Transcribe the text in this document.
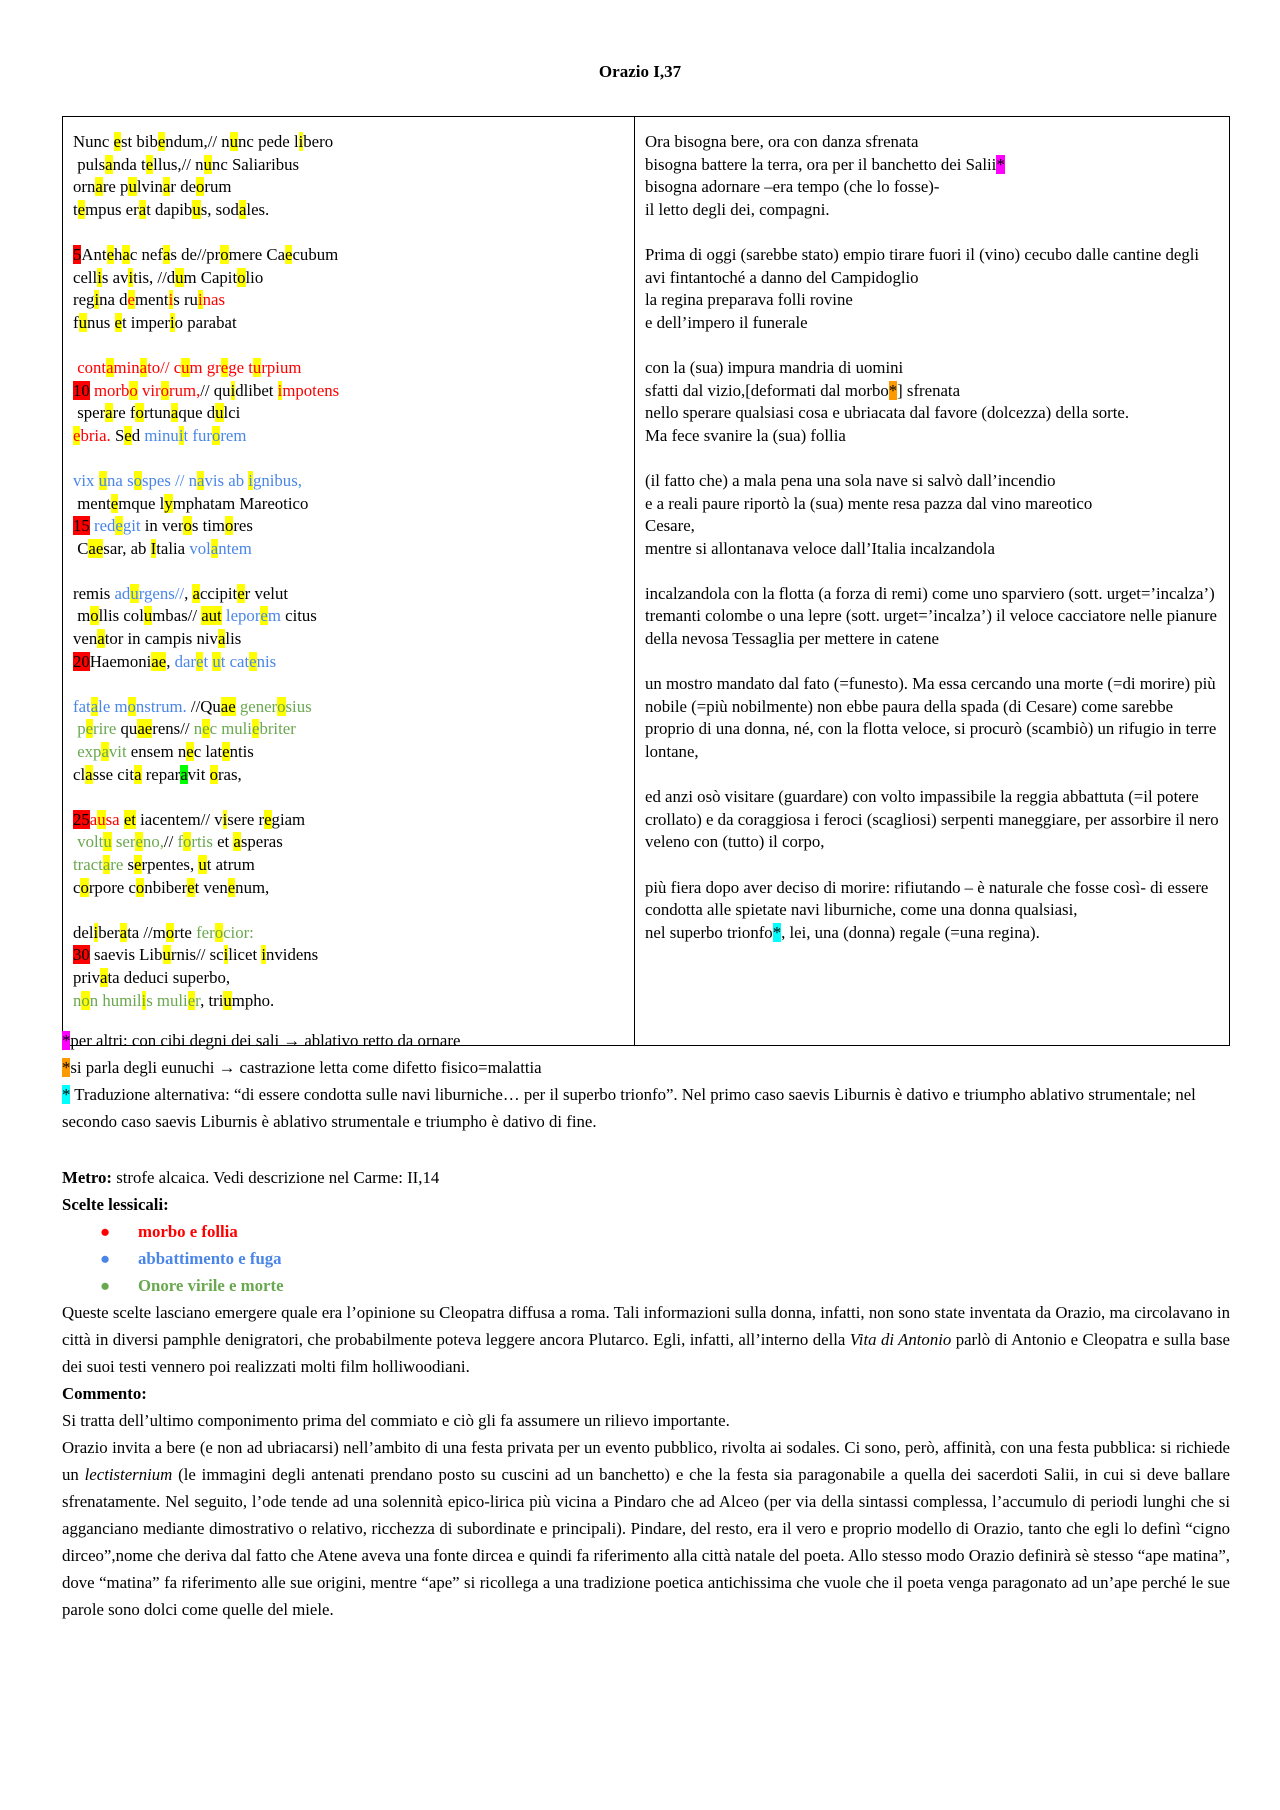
Orazio I,37
Nunc est bibendum,// nunc pede libero
pulsanda tellus,// nunc Saliaribus
ornare pulvinar deorum
tempus erat dapibus, sodales.
5Antehac nefas de//promere Caecubum
cellis avitis, //dum Capitolio
regina dementis ruinas
funus et imperio parabat
contaminato// cum grege turpium
10 morbo virorum,// quidlibet impotens
sperare fortunaque dulci
ebria. Sed minuit furorem
vix una sospes // navis ab ignibus,
mentemque lymphatam Mareotico
15 redegit in veros timores
Caesar, ab Italia volantem
remis adurgens//, accipiter velut
mollis columbas// aut leporem citus
venator in campis nivalis
20Haemoniae, daret ut catenis
fatale monstrum. //Quae generosius
perire quaerens// nec muliebriter
expavit ensem nec latentis
classe cita reparavit oras,
25ausa et iacentem// visere regiam
voltu sereno,// fortis et asperas
tractare serpentes, ut atrum
corpore conbiberet venenum,
deliberata //morte ferocior:
30 saevis Liburnis// scilicet invidens
privata deduci superbo,
non humilis mulier, triumpho.

Ora bisogna bere, ora con danza sfrenata
bisogna battere la terra, ora per il banchetto dei Salii*
bisogna adornare –era tempo (che lo fosse)-
il letto degli dei, compagni.
Prima di oggi (sarebbe stato) empio tirare fuori il (vino) cecubo dalle cantine degli avi fintantoché a danno del Campidoglio
la regina preparava folli rovine
e dell’impero il funerale
con la (sua) impura mandria di uomini
sfatti dal vizio,[deformati dal morbo*] sfrenata
nello sperare qualsiasi cosa e ubriacata dal favore (dolcezza) della sorte.
Ma fece svanire la (sua) follia
(il fatto che) a mala pena una sola nave si salvò dall’incendio
e a reali paure riportò la (sua) mente resa pazza dal vino mareotico
Cesare,
mentre si allontanava veloce dall’Italia incalzandola
incalzandola con la flotta (a forza di remi) come uno sparviero (sott. urget=’incalza’) tremanti colombe o una lepre (sott. urget=’incalza’) il veloce cacciatore nelle pianure della nevosa Tessaglia per mettere in catene
un mostro mandato dal fato (=funesto). Ma essa cercando una morte (=di morire) più nobile (=più nobilmente) non ebbe paura della spada (di Cesare) come sarebbe proprio di una donna, né, con la flotta veloce, si procurò (scambiò) un rifugio in terre lontane,
ed anzi osò visitare (guardare) con volto impassibile la reggia abbattuta (=il potere crollato) e da coraggiosa i feroci (scagliosi) serpenti maneggiare, per assorbire il nero veleno con (tutto) il corpo,
più fiera dopo aver deciso di morire: rifiutando – è naturale che fosse così- di essere condotta alle spietate navi liburniche, come una donna qualsiasi,
nel superbo trionfo*, lei, una (donna) regale (=una regina).

*per altri: con cibi degni dei sali → ablativo retto da ornare

*si parla degli eunuchi → castrazione letta come difetto fisico=malattia

* Traduzione alternativa: “di essere condotta sulle navi liburniche… per il superbo trionfo”. Nel primo caso saevis Liburnis è dativo e triumpho ablativo strumentale; nel secondo caso saevis Liburnis è ablativo strumentale e triumpho è dativo di fine.

Metro: strofe alcaica. Vedi descrizione nel Carme: II,14

Scelte lessicali:

● morbo e follia
● abbattimento e fuga
● Onore virile e morte

Queste scelte lasciano emergere quale era l’opinione su Cleopatra diffusa a roma. Tali informazioni sulla donna, infatti, non sono state inventata da Orazio, ma circolavano in città in diversi pamphle denigratori, che probabilmente poteva leggere ancora Plutarco. Egli, infatti, all’interno della Vita di Antonio parlò di Antonio e Cleopatra e sulla base dei suoi testi vennero poi realizzati molti film holliwoodiani.

Commento:

Si tratta dell’ultimo componimento prima del commiato e ciò gli fa assumere un rilievo importante.

Orazio invita a bere (e non ad ubriacarsi) nell’ambito di una festa privata per un evento pubblico, rivolta ai sodales. Ci sono, però, affinità, con una festa pubblica: si richiede un lectisternium (le immagini degli antenati prendano posto su cuscini ad un banchetto) e che la festa sia paragonabile a quella dei sacerdoti Salii, in cui si deve ballare sfrenatamente. Nel seguito, l’ode tende ad una solennità epico-lirica più vicina a Pindaro che ad Alceo (per via della sintassi complessa, l’accumulo di periodi lunghi che si agganciano mediante dimostrativo o relativo, ricchezza di subordinate e principali). Pindare, del resto, era il vero e proprio modello di Orazio, tanto che egli lo definì “cigno dirceo”,nome che deriva dal fatto che Atene aveva una fonte dircea e quindi fa riferimento alla città natale del poeta. Allo stesso modo Orazio definirà sè stesso “ape matina”, dove “matina” fa riferimento alle sue origini, mentre “ape” si ricollega a una tradizione poetica antichissima che vuole che il poeta venga paragonato ad un’ape perché le sue parole sono dolci come quelle del miele.
